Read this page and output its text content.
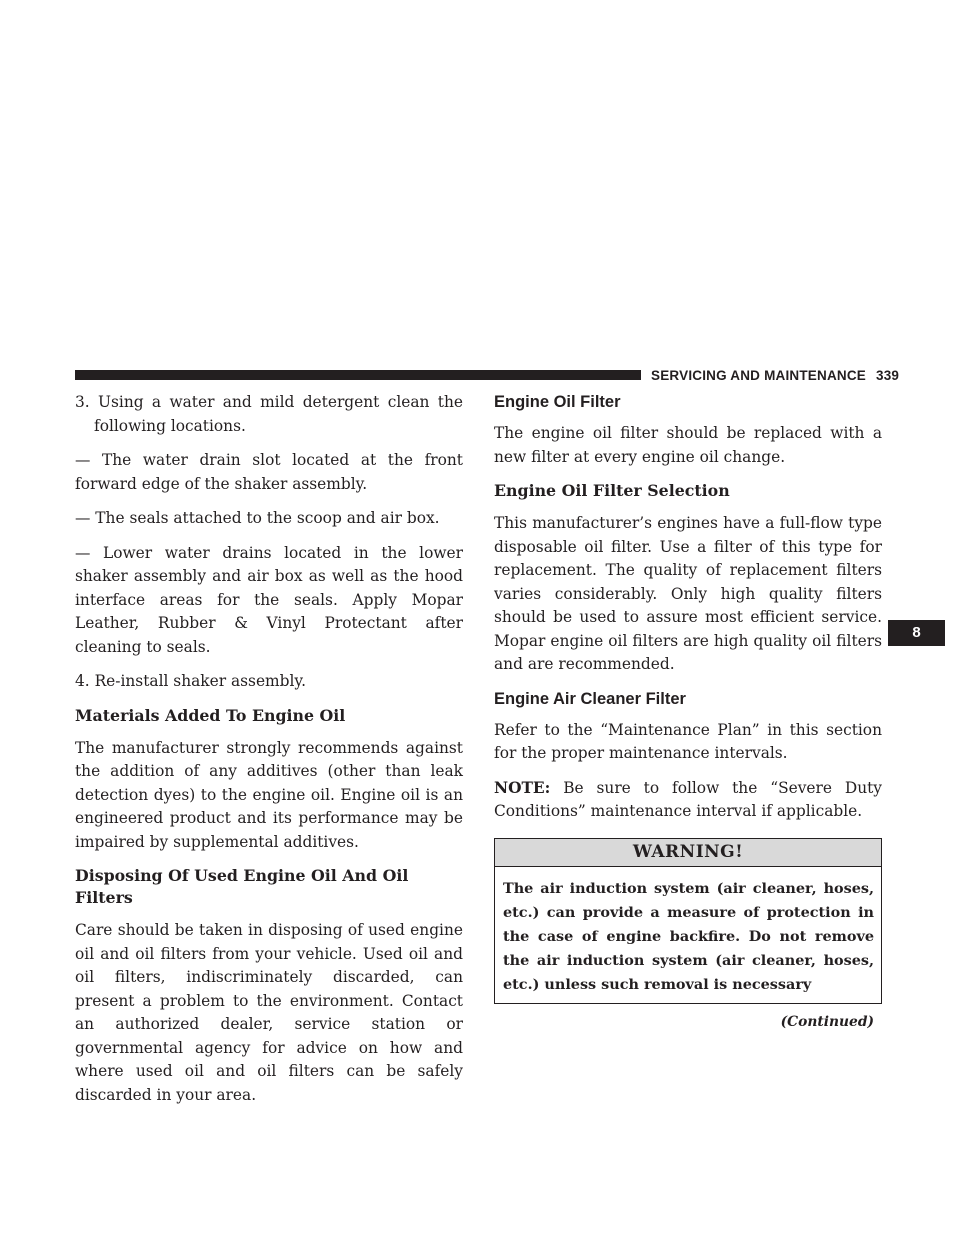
SERVICING AND MAINTENANCE 339

3. Using a water and mild detergent clean the following locations.

— The water drain slot located at the front forward edge of the shaker assembly.

— The seals attached to the scoop and air box.

— Lower water drains located in the lower shaker assembly and air box as well as the hood interface areas for the seals. Apply Mopar Leather, Rubber & Vinyl Protectant after cleaning to seals.

4. Re-install shaker assembly.

Materials Added To Engine Oil

The manufacturer strongly recommends against the addition of any additives (other than leak detection dyes) to the engine oil. Engine oil is an engineered product and its performance may be impaired by supplemental additives.

Disposing Of Used Engine Oil And Oil Filters

Care should be taken in disposing of used engine oil and oil filters from your vehicle. Used oil and oil filters, indiscriminately discarded, can present a problem to the environment. Contact an authorized dealer, service station or governmental agency for advice on how and where used oil and oil filters can be safely discarded in your area.

Engine Oil Filter

The engine oil filter should be replaced with a new filter at every engine oil change.

Engine Oil Filter Selection

This manufacturer’s engines have a full-flow type disposable oil filter. Use a filter of this type for replacement. The quality of replacement filters varies considerably. Only high quality filters should be used to assure most efficient service. Mopar engine oil filters are high quality oil filters and are recommended.

Engine Air Cleaner Filter

Refer to the “Maintenance Plan” in this section for the proper maintenance intervals.

NOTE: Be sure to follow the “Severe Duty Conditions” maintenance interval if applicable.

WARNING!

The air induction system (air cleaner, hoses, etc.) can provide a measure of protection in the case of engine backfire. Do not remove the air induction system (air cleaner, hoses, etc.) unless such removal is necessary

(Continued)
8
